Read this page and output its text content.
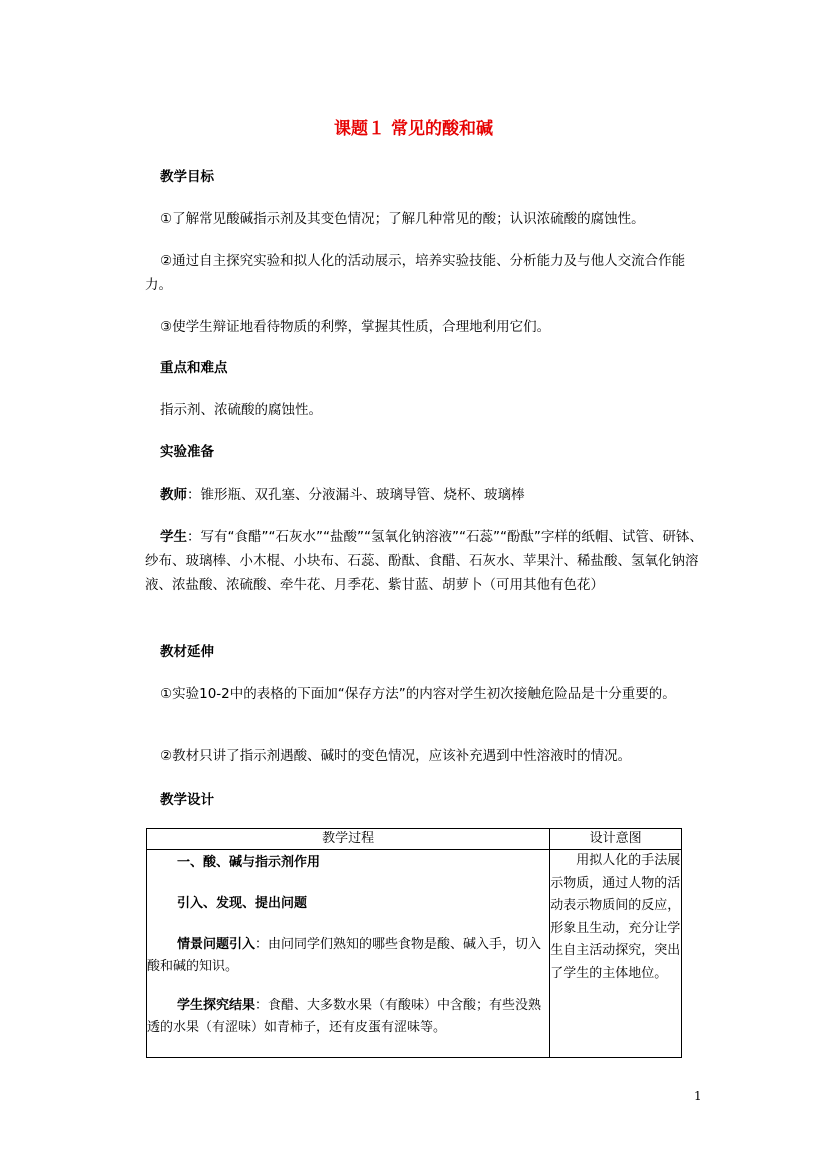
课题１ 常见的酸和碱
教学目标
①了解常见酸碱指示剂及其变色情况；了解几种常见的酸；认识浓硫酸的腐蚀性。
②通过自主探究实验和拟人化的活动展示，培养实验技能、分析能力及与他人交流合作能力。
③使学生辩证地看待物质的利弊，掌握其性质，合理地利用它们。
重点和难点
指示剂、浓硫酸的腐蚀性。
实验准备
教师：锥形瓶、双孔塞、分液漏斗、玻璃导管、烧杯、玻璃棒
学生：写有“食醋”“石灰水”“盐酸”“氢氧化钠溶液”“石蕊”“酚酞”字样的纸帽、试管、研钵、纱布、玻璃棒、小木棍、小块布、石蕊、酚酞、食醋、石灰水、苹果汁、稀盐酸、氢氧化钠溶液、浓盐酸、浓硫酸、牵牛花、月季花、紫甘蓝、胡萝卜（可用其他有色花）
教材延伸
①实验10-2中的表格的下面加“保存方法”的内容对学生初次接触危险品是十分重要的。
②教材只讲了指示剂遇酸、碱时的变色情况，应该补充遇到中性溶液时的情况。
教学设计
教学过程	设计意图

一、酸、碱与指示剂作用
引入、发现、提出问题
情景问题引入：由问同学们熟知的哪些食物是酸、碱入手，切入酸和碱的知识。
学生探究结果：食醋、大多数水果（有酸味）中含酸；有些没熟透的水果（有涩味）如青柿子，还有皮蛋有涩味等。	用拟人化的手法展示物质，通过人物的活动表示物质间的反应，形象且生动，充分让学生自主活动探究，突出了学生的主体地位。
1
